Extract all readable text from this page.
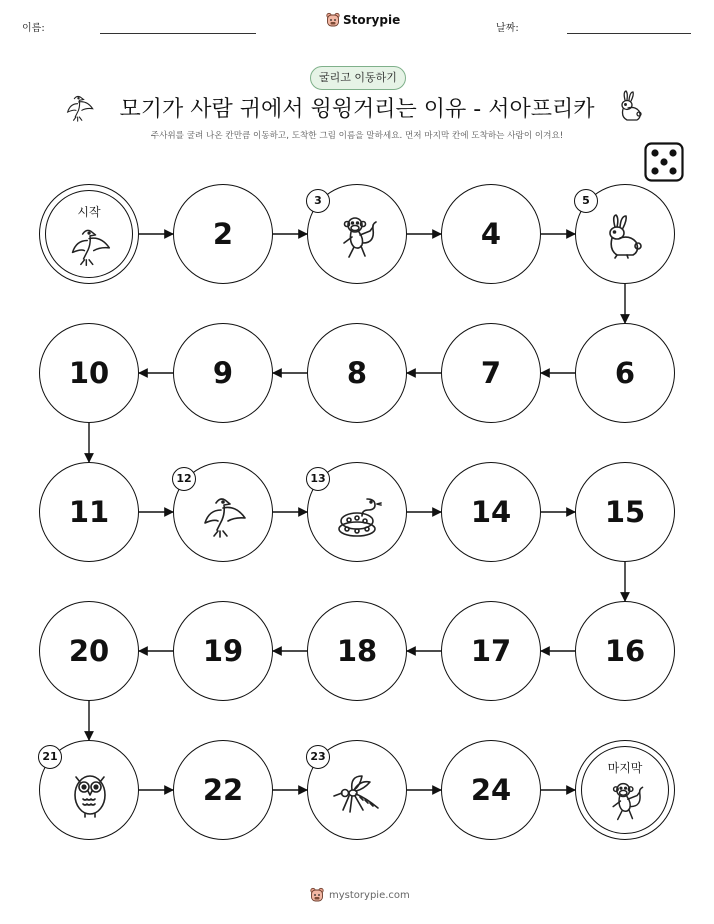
이름:
Storypie
날짜:
굴리고 이동하기
모기가 사람 귀에서 윙윙거리는 이유 - 서아프리카
주사위를 굴려 나온 칸만큼 이동하고, 도착한 그림 이름을 말하세요. 먼저 마지막 칸에 도착하는 사람이 이겨요!
시작
2
3
4
5
6
7
8
9
10
11
12	13
14	15
16
17
18
19
20
21
22
23
24
마지막
mystorypie.com
